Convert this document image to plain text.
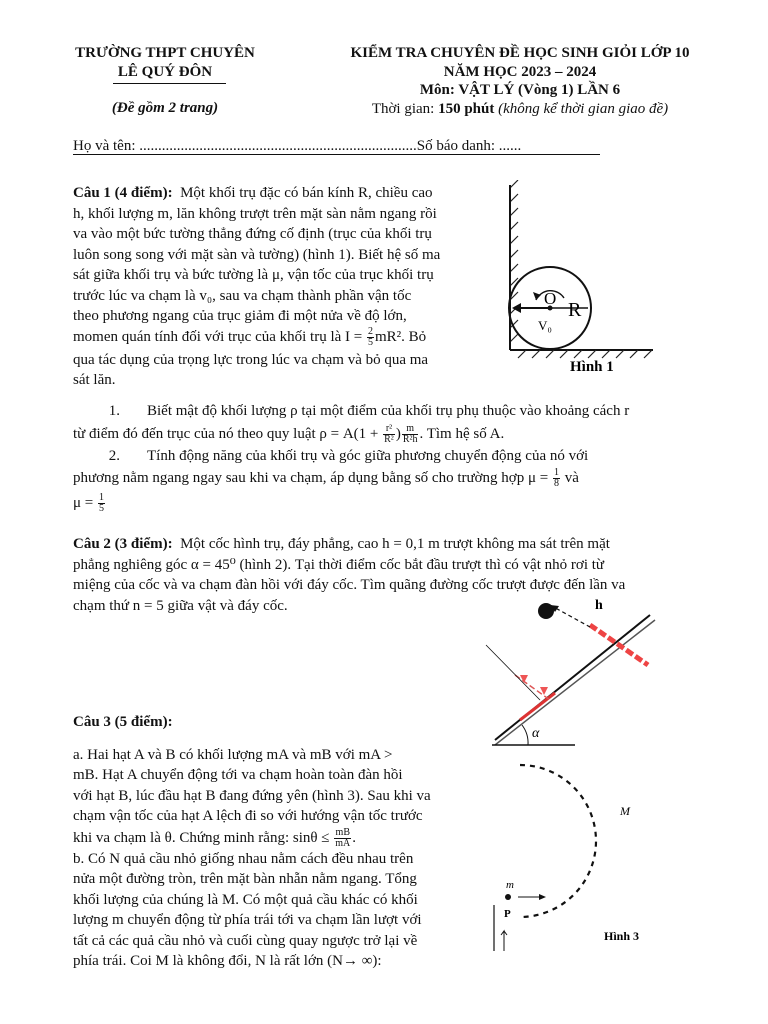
TRƯỜNG THPT CHUYÊN
LÊ QUÝ ĐÔN
(Đề gồm 2 trang)
KIỂM TRA CHUYÊN ĐỀ HỌC SINH GIỎI LỚP 10
NĂM HỌC 2023 – 2024
Môn: VẬT LÝ (Vòng 1) LẦN 6
Thời gian: 150 phút (không kể thời gian giao đề)
Họ và tên: ..........................................................................Số báo danh: ......
Câu 1 (4 điểm): Một khối trụ đặc có bán kính R, chiều cao
h, khối lượng m, lăn không trượt trên mặt sàn nằm ngang rồi
va vào một bức tường thẳng đứng cố định (trục của khối trụ
luôn song song với mặt sàn và tường) (hình 1). Biết hệ số ma
sát giữa khối trụ và bức tường là μ, vận tốc của trục khối trụ
trước lúc va chạm là v₀, sau va chạm thành phần vận tốc
theo phương ngang của trục giảm đi một nửa về độ lớn,
momen quán tính đối với trục của khối trụ là $I = \frac{2}{5} mR^2$. Bỏ
qua tác dụng của trọng lực trong lúc va chạm và bỏ qua ma
sát lăn.
O
R
V₀
Hình 1
1. Biết mật độ khối lượng ρ tại một điểm của khối trụ phụ thuộc vào khoảng cách r
từ điểm đó đến trục của nó theo quy luật $\rho = A(1 + \frac{\text{r²}}{\text{R²}}$ ) $\frac{m}{\text{R²h}}$ . Tìm hệ số A.
2. Tính động năng của khối trụ và góc giữa phương chuyển động của nó với
phương nằm ngang ngay sau khi va chạm, áp dụng bằng số cho trường hợp $\mu = \frac{1}{8}$ và
$\mu = \frac{1}{5}$
Câu 2 (3 điểm): Một cốc hình trụ, đáy phẳng, cao h = 0,1 m trượt không ma sát trên mặt
phẳng nghiêng góc α = 45⁰ (hình 2). Tại thời điểm cốc bắt đầu trượt thì có vật nhỏ rơi từ
miệng của cốc và va chạm đàn hồi với đáy cốc. Tìm quãng đường cốc trượt được đến lần va
chạm thứ n = 5 giữa vật và đáy cốc.
α
h
Câu 3 (5 điểm):
a. Hai hạt A và B có khối lượng mA và mB với mA >
mB. Hạt A chuyển động tới va chạm hoàn toàn đàn hồi
với hạt B, lúc đầu hạt B đang đứng yên (hình 3). Sau khi va
chạm vận tốc của hạt A lệch đi so với hướng vận tốc trước
khi va chạm là θ. Chứng minh rằng: $\sin\theta \le \frac{mB}{mA}$ .
b. Có N quả cầu nhỏ giống nhau nằm cách đều nhau trên
nửa một đường tròn, trên mặt bàn nhẵn nằm ngang. Tổng
khối lượng của chúng là M. Có một quả cầu khác có khối
lượng m chuyển động từ phía trái tới va chạm lần lượt với
tất cả các quả cầu nhỏ và cuối cùng quay ngược trở lại về
phía trái. Coi M là không đổi, N là rất lớn (N→ ∞):
M
m
P
Hình 3
